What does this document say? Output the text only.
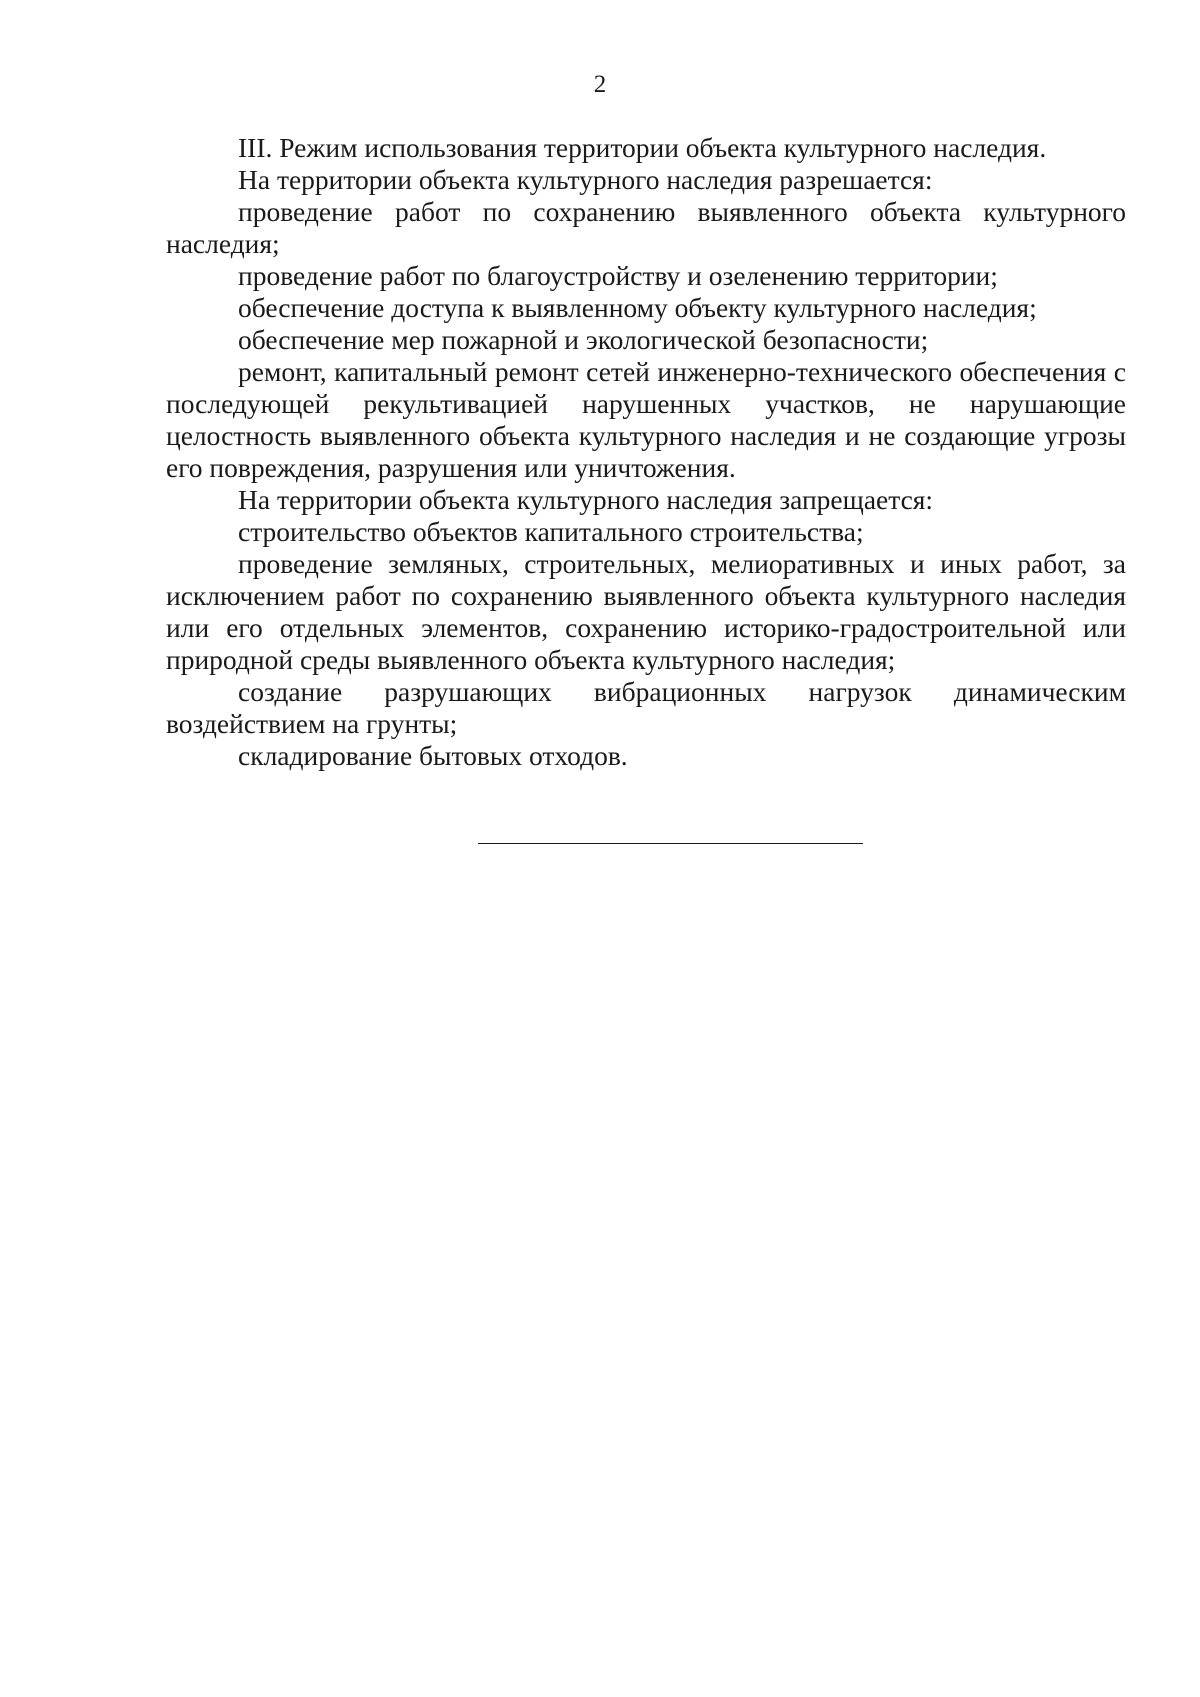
2

III. Режим использования территории объекта культурного наследия.

На территории объекта культурного наследия разрешается:

проведение работ по сохранению выявленного объекта культурного наследия;

проведение работ по благоустройству и озеленению территории;

обеспечение доступа к выявленному объекту культурного наследия;

обеспечение мер пожарной и экологической безопасности;

ремонт, капитальный ремонт сетей инженерно-технического обеспечения с последующей рекультивацией нарушенных участков, не нарушающие целостность выявленного объекта культурного наследия и не создающие угрозы его повреждения, разрушения или уничтожения.

На территории объекта культурного наследия запрещается:

строительство объектов капитального строительства;

проведение земляных, строительных, мелиоративных и иных работ, за исключением работ по сохранению выявленного объекта культурного наследия или его отдельных элементов, сохранению историко-градостроительной или природной среды выявленного объекта культурного наследия;

создание разрушающих вибрационных нагрузок динамическим воздействием на грунты;

складирование бытовых отходов.
